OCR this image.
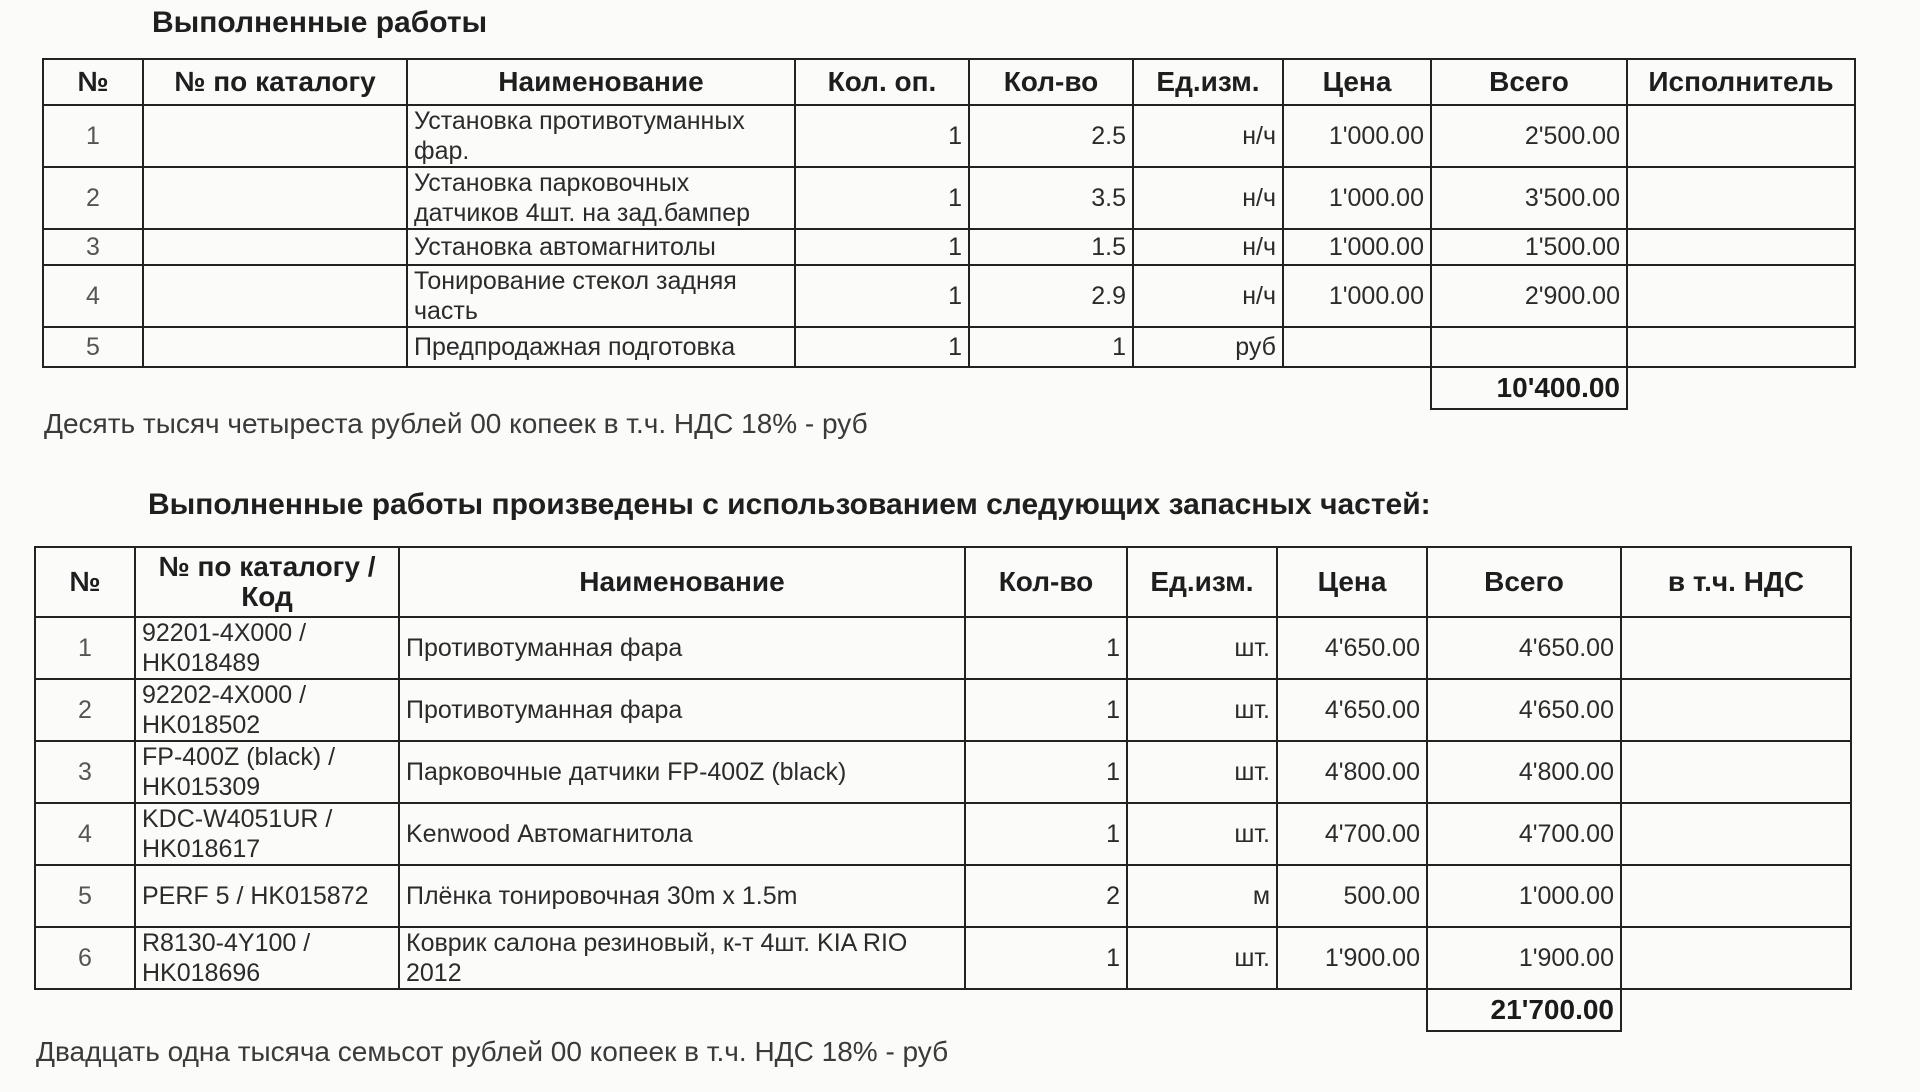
Выполненные работы
№	№ по каталогу	Наименование	Кол. оп.	Кол-во	Ед.изм.	Цена	Всего	Исполнитель
1		Установка противотуманных фар.	1	2.5	н/ч	1'000.00	2'500.00	
2		Установка парковочных датчиков 4шт. на зад.бампер	1	3.5	н/ч	1'000.00	3'500.00	
3		Установка автомагнитолы	1	1.5	н/ч	1'000.00	1'500.00	
4		Тонирование стекол задняя часть	1	2.9	н/ч	1'000.00	2'900.00	
5		Предпродажная подготовка	1	1	руб			
							10'400.00	
Десять тысяч четыреста рублей 00 копеек в т.ч. НДС 18% - руб
Выполненные работы произведены с использованием следующих запасных частей:
№	№ по каталогу / Код	Наименование	Кол-во	Ед.изм.	Цена	Всего	в т.ч. НДС
1	92201-4X000 / HK018489	Противотуманная фара	1	шт.	4'650.00	4'650.00	
2	92202-4X000 / HK018502	Противотуманная фара	1	шт.	4'650.00	4'650.00	
3	FP-400Z (black) / HK015309	Парковочные датчики FP-400Z (black)	1	шт.	4'800.00	4'800.00	
4	KDC-W4051UR / HK018617	Kenwood Автомагнитола	1	шт.	4'700.00	4'700.00	
5	PERF 5 / HK015872	Плёнка тонировочная 30m x 1.5m	2	м	500.00	1'000.00	
6	R8130-4Y100 / HK018696	Коврик салона резиновый, к-т 4шт. KIA RIO 2012	1	шт.	1'900.00	1'900.00	
						21'700.00	
Двадцать одна тысяча семьсот рублей 00 копеек в т.ч. НДС 18% - руб
